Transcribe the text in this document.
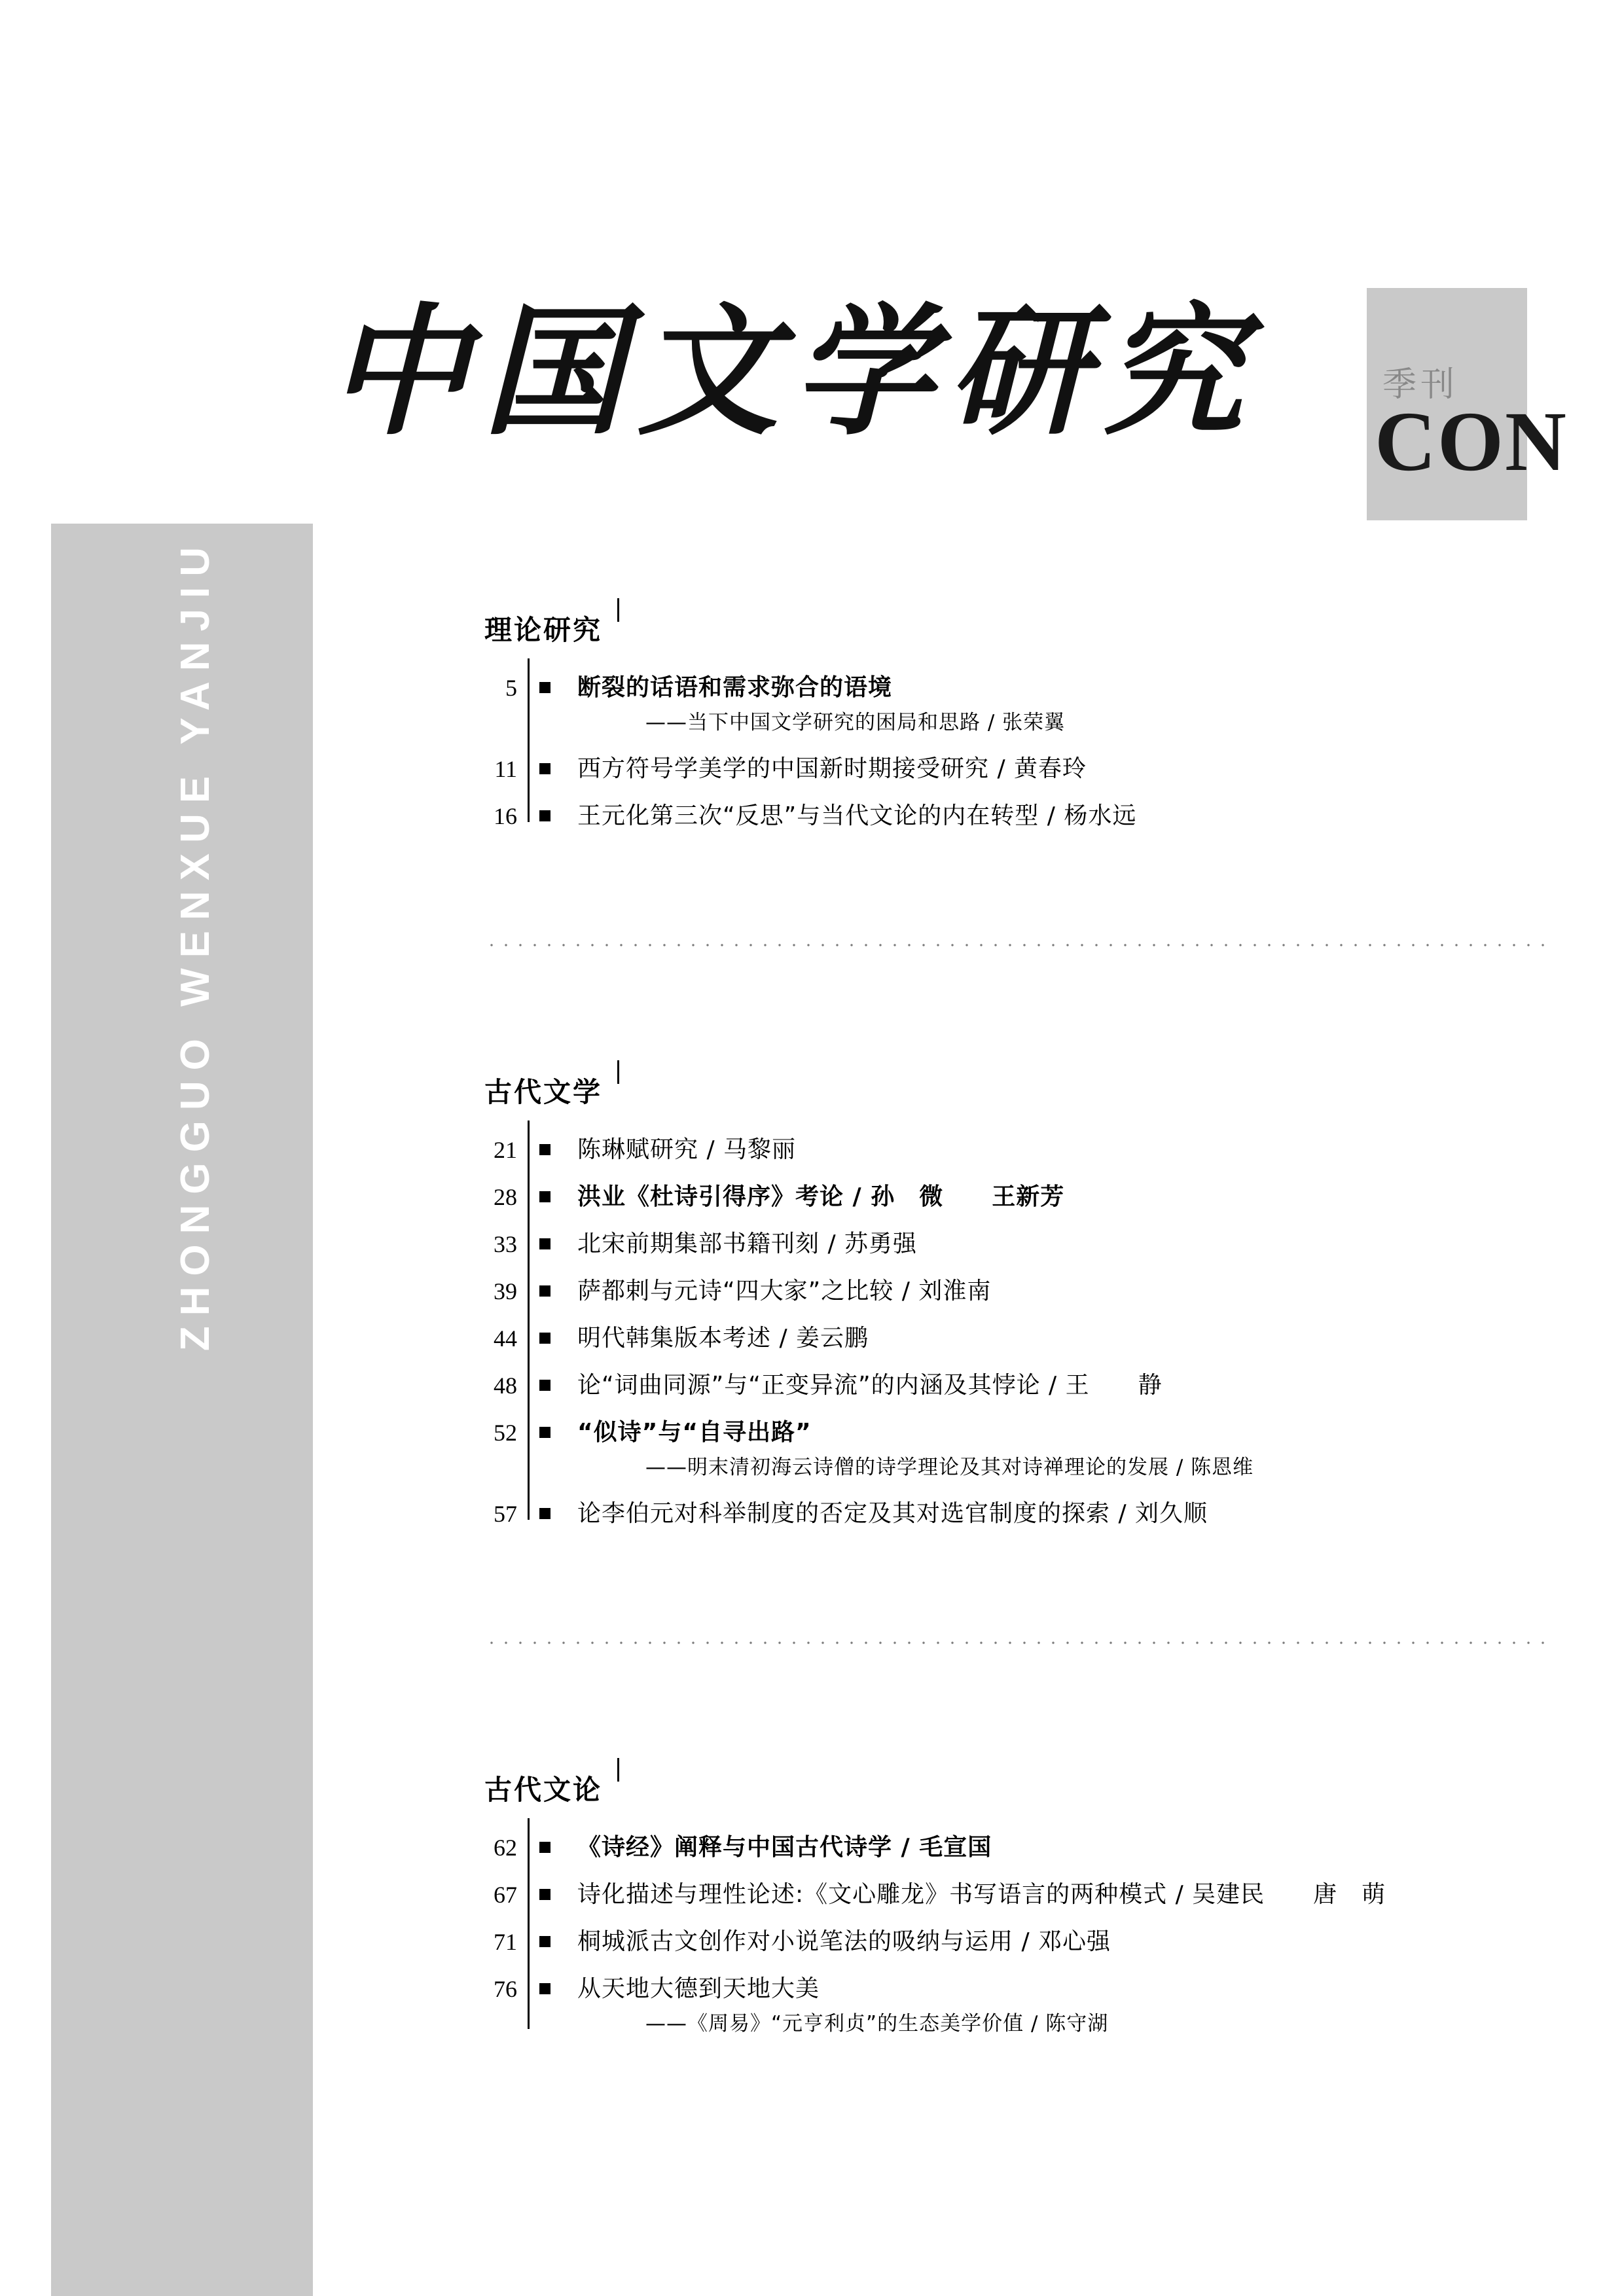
ZHONGGUO WENXUE YANJIU
中国文学研究	季刊
CON
理论研究
5	断裂的话语和需求弥合的语境
——当下中国文学研究的困局和思路 / 张荣翼
11	西方符号学美学的中国新时期接受研究 / 黄春玲
16	王元化第三次“反思”与当代文论的内在转型 / 杨水远
古代文学
21	陈琳赋研究 / 马黎丽
28	洪业《杜诗引得序》考论 / 孙　微　　王新芳
33	北宋前期集部书籍刊刻 / 苏勇强
39	萨都剌与元诗“四大家”之比较 / 刘淮南
44	明代韩集版本考述 / 姜云鹏
48	论“词曲同源”与“正变异流”的内涵及其悖论 / 王　　静
52	“似诗”与“自寻出路”
——明末清初海云诗僧的诗学理论及其对诗禅理论的发展 / 陈恩维
57	论李伯元对科举制度的否定及其对选官制度的探索 / 刘久顺
古代文论
62	《诗经》阐释与中国古代诗学 / 毛宣国
67	诗化描述与理性论述:《文心雕龙》书写语言的两种模式 / 吴建民　　唐　萌
71	桐城派古文创作对小说笔法的吸纳与运用 / 邓心强
76	从天地大德到天地大美
——《周易》“元亨利贞”的生态美学价值 / 陈守湖
